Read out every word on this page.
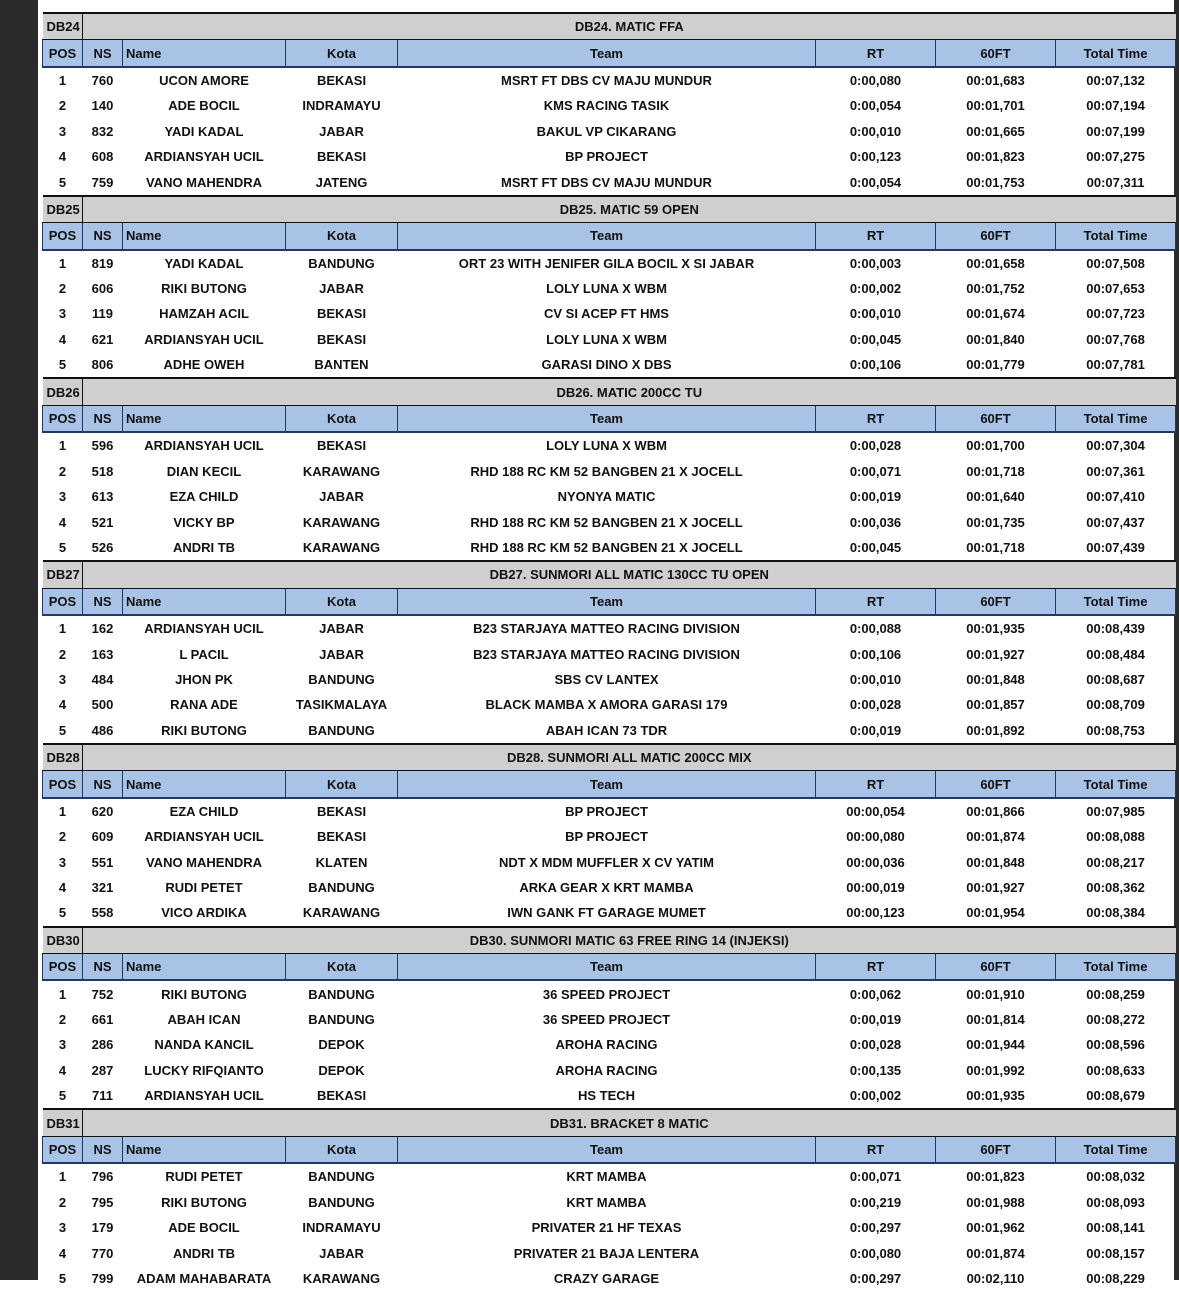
DB24	DB24. MATIC FFA						
POS	NS	Name	Kota	Team	RT	60FT	Total Time
1	760	UCON AMORE	BEKASI	MSRT FT DBS CV MAJU MUNDUR	0:00,080	00:01,683	00:07,132
2	140	ADE BOCIL	INDRAMAYU	KMS RACING TASIK	0:00,054	00:01,701	00:07,194
3	832	YADI KADAL	JABAR	BAKUL VP CIKARANG	0:00,010	00:01,665	00:07,199
4	608	ARDIANSYAH UCIL	BEKASI	BP PROJECT	0:00,123	00:01,823	00:07,275
5	759	VANO MAHENDRA	JATENG	MSRT FT DBS CV MAJU MUNDUR	0:00,054	00:01,753	00:07,311
DB25	DB25. MATIC 59 OPEN						
POS	NS	Name	Kota	Team	RT	60FT	Total Time
1	819	YADI KADAL	BANDUNG	ORT 23 WITH JENIFER GILA BOCIL X SI JABAR	0:00,003	00:01,658	00:07,508
2	606	RIKI BUTONG	JABAR	LOLY LUNA X WBM	0:00,002	00:01,752	00:07,653
3	119	HAMZAH ACIL	BEKASI	CV SI ACEP FT HMS	0:00,010	00:01,674	00:07,723
4	621	ARDIANSYAH UCIL	BEKASI	LOLY LUNA X WBM	0:00,045	00:01,840	00:07,768
5	806	ADHE OWEH	BANTEN	GARASI DINO X DBS	0:00,106	00:01,779	00:07,781
DB26	DB26. MATIC 200CC TU						
POS	NS	Name	Kota	Team	RT	60FT	Total Time
1	596	ARDIANSYAH UCIL	BEKASI	LOLY LUNA X WBM	0:00,028	00:01,700	00:07,304
2	518	DIAN KECIL	KARAWANG	RHD 188 RC KM 52 BANGBEN 21 X JOCELL	0:00,071	00:01,718	00:07,361
3	613	EZA CHILD	JABAR	NYONYA MATIC	0:00,019	00:01,640	00:07,410
4	521	VICKY BP	KARAWANG	RHD 188 RC KM 52 BANGBEN 21 X JOCELL	0:00,036	00:01,735	00:07,437
5	526	ANDRI TB	KARAWANG	RHD 188 RC KM 52 BANGBEN 21 X JOCELL	0:00,045	00:01,718	00:07,439
DB27	DB27. SUNMORI ALL MATIC 130CC TU OPEN						
POS	NS	Name	Kota	Team	RT	60FT	Total Time
1	162	ARDIANSYAH UCIL	JABAR	B23 STARJAYA MATTEO RACING DIVISION	0:00,088	00:01,935	00:08,439
2	163	L PACIL	JABAR	B23 STARJAYA MATTEO RACING DIVISION	0:00,106	00:01,927	00:08,484
3	484	JHON PK	BANDUNG	SBS CV LANTEX	0:00,010	00:01,848	00:08,687
4	500	RANA ADE	TASIKMALAYA	BLACK MAMBA X AMORA GARASI 179	0:00,028	00:01,857	00:08,709
5	486	RIKI BUTONG	BANDUNG	ABAH ICAN 73 TDR	0:00,019	00:01,892	00:08,753
DB28	DB28. SUNMORI ALL MATIC 200CC MIX						
POS	NS	Name	Kota	Team	RT	60FT	Total Time
1	620	EZA CHILD	BEKASI	BP PROJECT	00:00,054	00:01,866	00:07,985
2	609	ARDIANSYAH UCIL	BEKASI	BP PROJECT	00:00,080	00:01,874	00:08,088
3	551	VANO MAHENDRA	KLATEN	NDT X MDM MUFFLER X CV YATIM	00:00,036	00:01,848	00:08,217
4	321	RUDI PETET	BANDUNG	ARKA GEAR X KRT MAMBA	00:00,019	00:01,927	00:08,362
5	558	VICO ARDIKA	KARAWANG	IWN GANK FT GARAGE MUMET	00:00,123	00:01,954	00:08,384
DB30	DB30. SUNMORI MATIC 63 FREE RING 14 (INJEKSI)						
POS	NS	Name	Kota	Team	RT	60FT	Total Time
1	752	RIKI BUTONG	BANDUNG	36 SPEED PROJECT	0:00,062	00:01,910	00:08,259
2	661	ABAH ICAN	BANDUNG	36 SPEED PROJECT	0:00,019	00:01,814	00:08,272
3	286	NANDA KANCIL	DEPOK	AROHA RACING	0:00,028	00:01,944	00:08,596
4	287	LUCKY RIFQIANTO	DEPOK	AROHA RACING	0:00,135	00:01,992	00:08,633
5	711	ARDIANSYAH UCIL	BEKASI	HS TECH	0:00,002	00:01,935	00:08,679
DB31	DB31. BRACKET 8 MATIC						
POS	NS	Name	Kota	Team	RT	60FT	Total Time
1	796	RUDI PETET	BANDUNG	KRT MAMBA	0:00,071	00:01,823	00:08,032
2	795	RIKI BUTONG	BANDUNG	KRT MAMBA	0:00,219	00:01,988	00:08,093
3	179	ADE BOCIL	INDRAMAYU	PRIVATER 21 HF TEXAS	0:00,297	00:01,962	00:08,141
4	770	ANDRI TB	JABAR	PRIVATER 21 BAJA LENTERA	0:00,080	00:01,874	00:08,157
5	799	ADAM MAHABARATA	KARAWANG	CRAZY GARAGE	0:00,297	00:02,110	00:08,229
